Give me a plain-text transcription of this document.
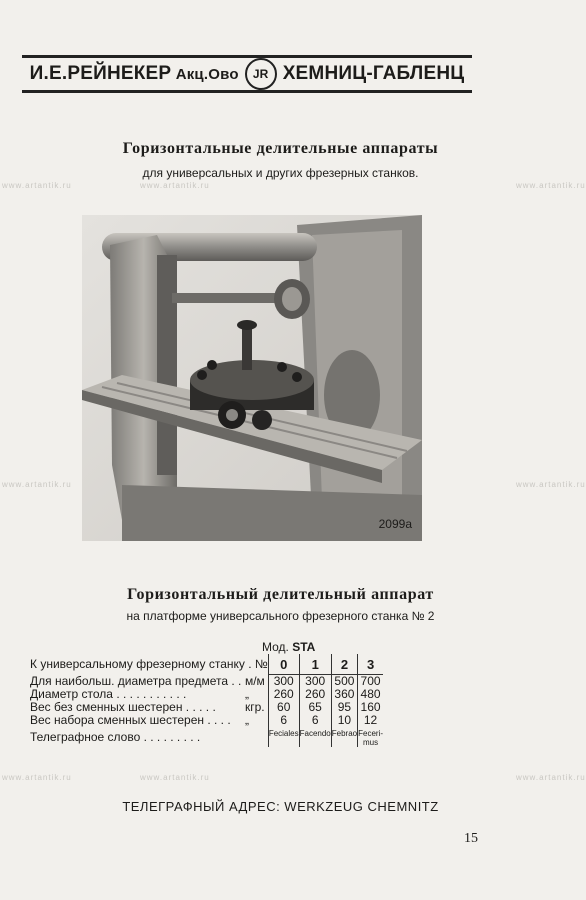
И.Е.РЕЙНЕКЕР Акц.Ово	JR ХЕМНИЦ-ГАБЛЕНЦ
www.artantik.ru	www.artantik.ru	www.artantik.ru
www.artantik.ru	www.artantik.ru
www.artantik.ru	www.artantik.ru	www.artantik.ru
Горизонтальные делительные аппараты
для универсальных и других фрезерных станков.
2099a
Горизонтальный делительный аппарат
на платформе универсального фрезерного станка № 2
Мод. STA
К универсальному фрезерному станку . №		0	1	2	3
Для наибольш. диаметра предмета . .	м/м	300	300	500	700
Диаметр стола . . . . . . . . . . .	„	260	260	360	480
Вес без сменных шестерен . . . . .	кгр.	60	65	95	160
Вес набора сменных шестерен . . . .	„	6	6	10	12
Телеграфное слово . . . . . . . . .		Feciales	Facendo	Febrao	Feceri- mus
ТЕЛЕГРАФНЫЙ АДРЕС: WERKZEUG CHEMNITZ
15
